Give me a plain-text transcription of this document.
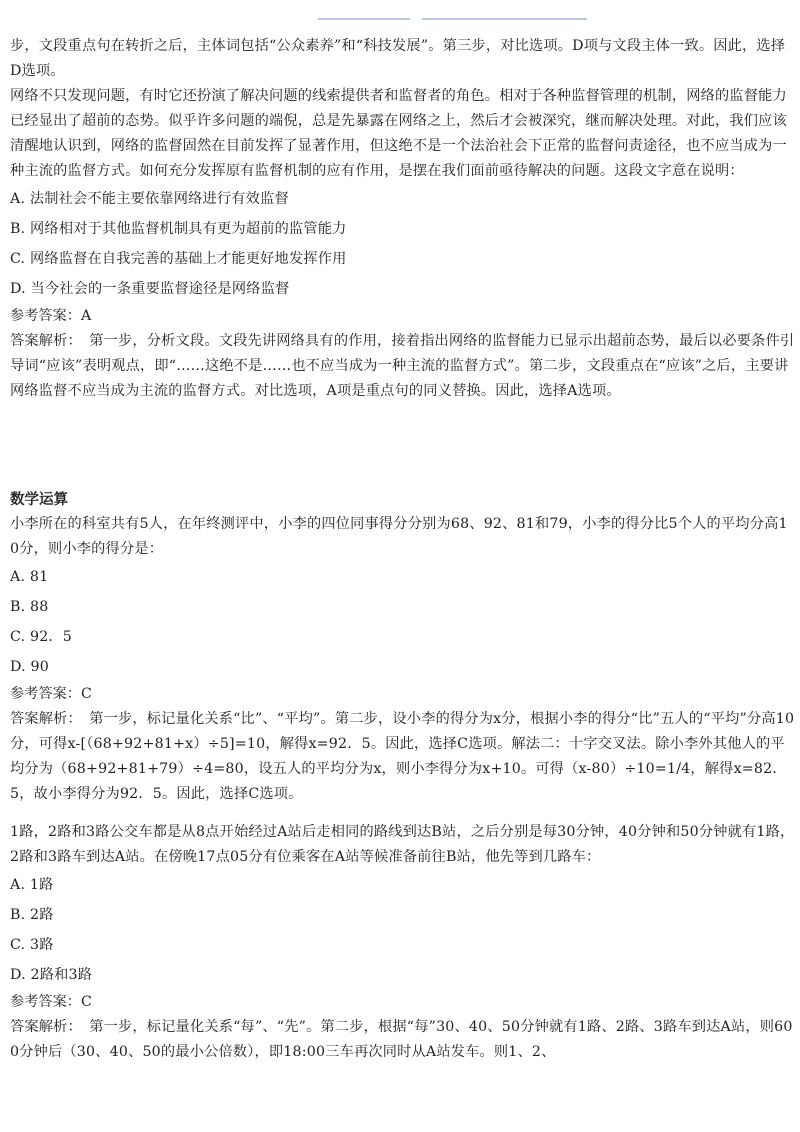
步，文段重点句在转折之后，主体词包括“公众素养”和“科技发展”。第三步，对比选项。D项与文段主体一致。因此，选择D选项。

网络不只发现问题，有时它还扮演了解决问题的线索提供者和监督者的角色。相对于各种监督管理的机制，网络的监督能力已经显出了超前的态势。似乎许多问题的端倪，总是先暴露在网络之上，然后才会被深究，继而解决处理。对此，我们应该清醒地认识到，网络的监督固然在目前发挥了显著作用，但这绝不是一个法治社会下正常的监督问责途径，也不应当成为一种主流的监督方式。如何充分发挥原有监督机制的应有作用，是摆在我们面前亟待解决的问题。这段文字意在说明：

A. 法制社会不能主要依靠网络进行有效监督

B. 网络相对于其他监督机制具有更为超前的监管能力

C. 网络监督在自我完善的基础上才能更好地发挥作用

D. 当今社会的一条重要监督途径是网络监督

参考答案：A

答案解析：　第一步，分析文段。文段先讲网络具有的作用，接着指出网络的监督能力已显示出超前态势，最后以必要条件引导词“应该”表明观点，即“……这绝不是……也不应当成为一种主流的监督方式”。第二步，文段重点在“应该”之后，主要讲网络监督不应当成为主流的监督方式。对比选项，A项是重点句的同义替换。因此，选择A选项。

数学运算

小李所在的科室共有5人，在年终测评中，小李的四位同事得分分别为68、92、81和79，小李的得分比5个人的平均分高10分，则小李的得分是：

A. 81

B. 88

C. 92．5

D. 90

参考答案：C

答案解析：　第一步，标记量化关系“比”、“平均”。第二步，设小李的得分为x分，根据小李的得分“比”五人的“平均”分高10分，可得x-[（68+92+81+x）÷5]=10，解得x=92．5。因此，选择C选项。解法二：十字交叉法。除小李外其他人的平均分为（68+92+81+79）÷4=80，设五人的平均分为x，则小李得分为x+10。可得（x-80）÷10=1/4，解得x=82．5，故小李得分为92．5。因此，选择C选项。

1路，2路和3路公交车都是从8点开始经过A站后走相同的路线到达B站，之后分别是每30分钟，40分钟和50分钟就有1路，2路和3路车到达A站。在傍晚17点05分有位乘客在A站等候准备前往B站，他先等到几路车：

A. 1路

B. 2路

C. 3路

D. 2路和3路

参考答案：C

答案解析：　第一步，标记量化关系“每”、“先”。第二步，根据“每”30、40、50分钟就有1路、2路、3路车到达A站，则600分钟后（30、40、50的最小公倍数），即18:00三车再次同时从A站发车。则1、2、
